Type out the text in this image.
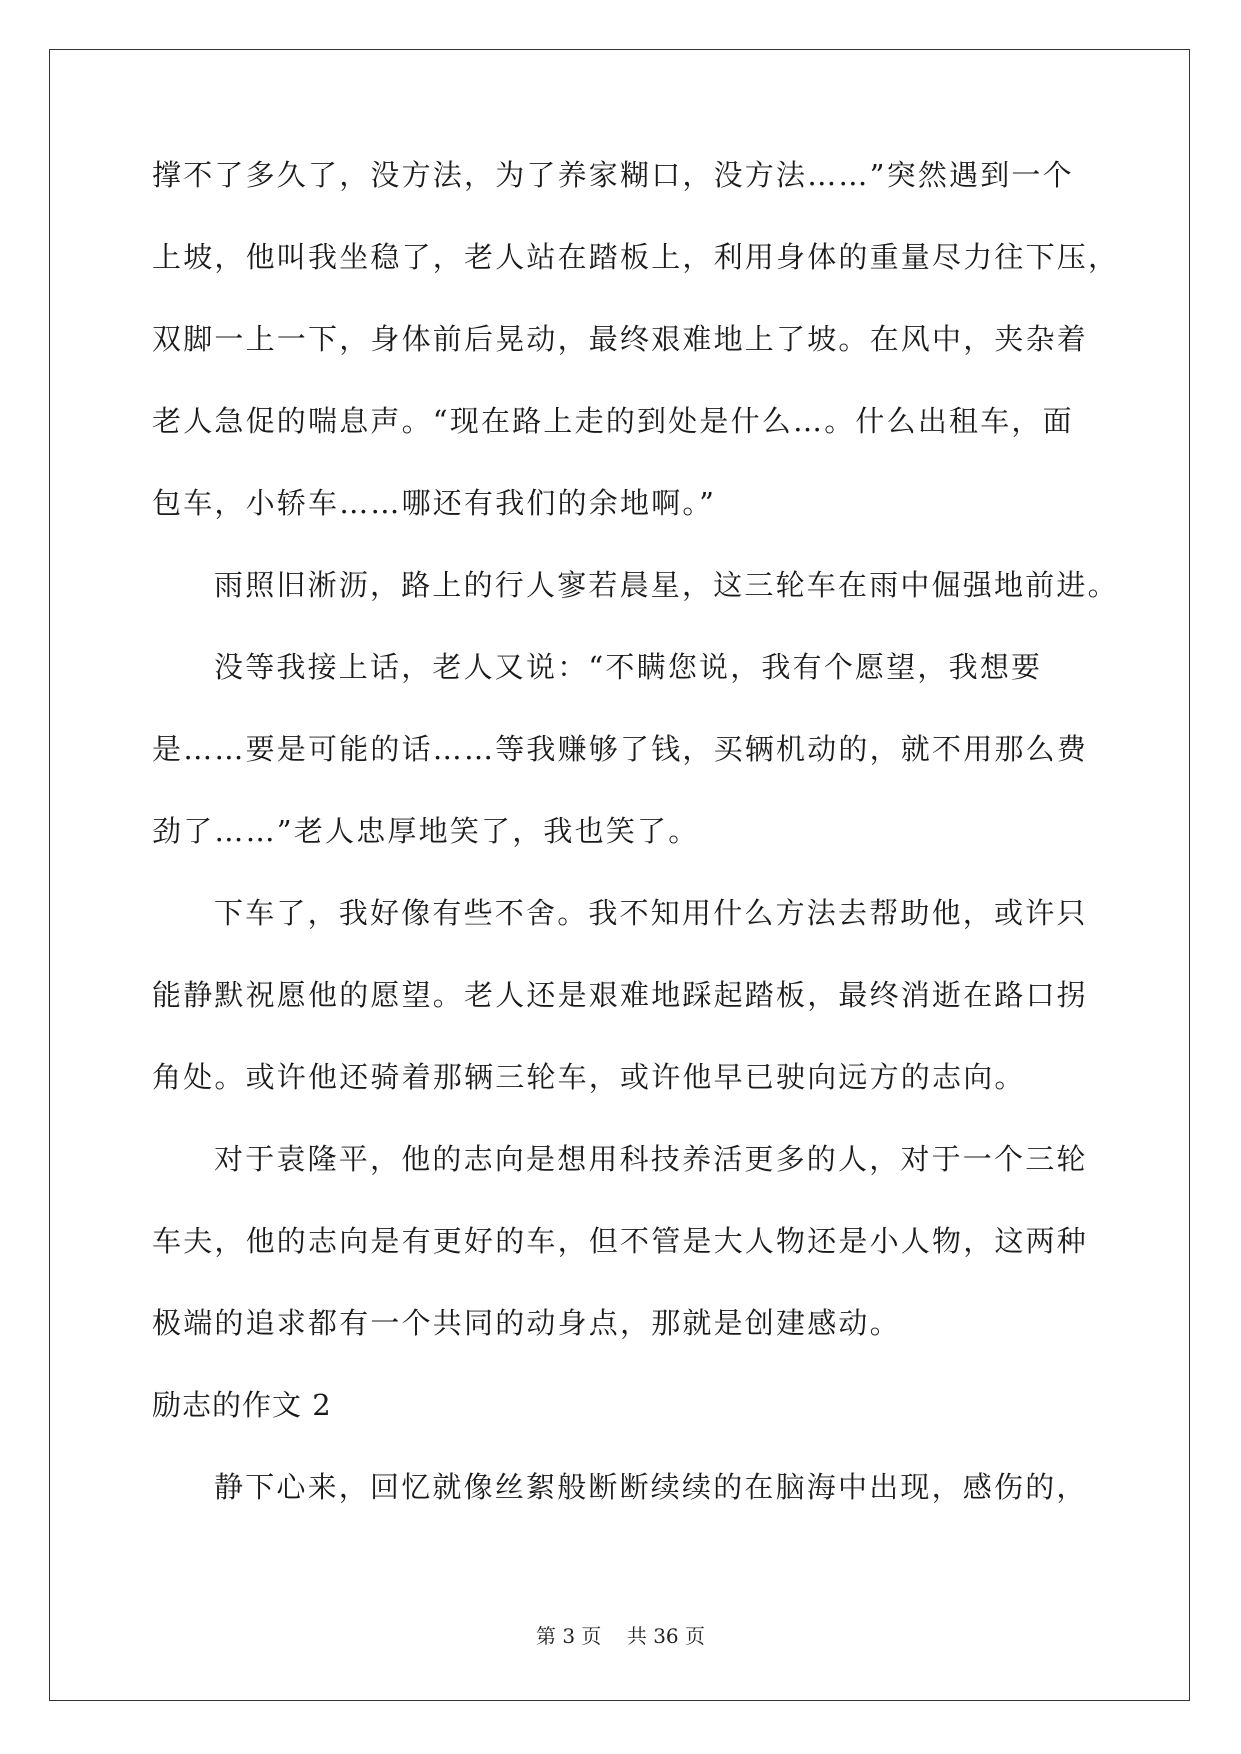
撑不了多久了，没方法，为了养家糊口，没方法……”突然遇到一个
上坡，他叫我坐稳了，老人站在踏板上，利用身体的重量尽力往下压，
双脚一上一下，身体前后晃动，最终艰难地上了坡。在风中，夹杂着
老人急促的喘息声。“现在路上走的到处是什么…。什么出租车，面
包车，小轿车……哪还有我们的余地啊。”
雨照旧淅沥，路上的行人寥若晨星，这三轮车在雨中倔强地前进。
没等我接上话，老人又说：“不瞒您说，我有个愿望，我想要
是……要是可能的话……等我赚够了钱，买辆机动的，就不用那么费
劲了……”老人忠厚地笑了，我也笑了。
下车了，我好像有些不舍。我不知用什么方法去帮助他，或许只
能静默祝愿他的愿望。老人还是艰难地踩起踏板，最终消逝在路口拐
角处。或许他还骑着那辆三轮车，或许他早已驶向远方的志向。
对于袁隆平，他的志向是想用科技养活更多的人，对于一个三轮
车夫，他的志向是有更好的车，但不管是大人物还是小人物，这两种
极端的追求都有一个共同的动身点，那就是创建感动。
励志的作文 2
静下心来，回忆就像丝絮般断断续续的在脑海中出现，感伤的，
第 3 页    共 36 页
